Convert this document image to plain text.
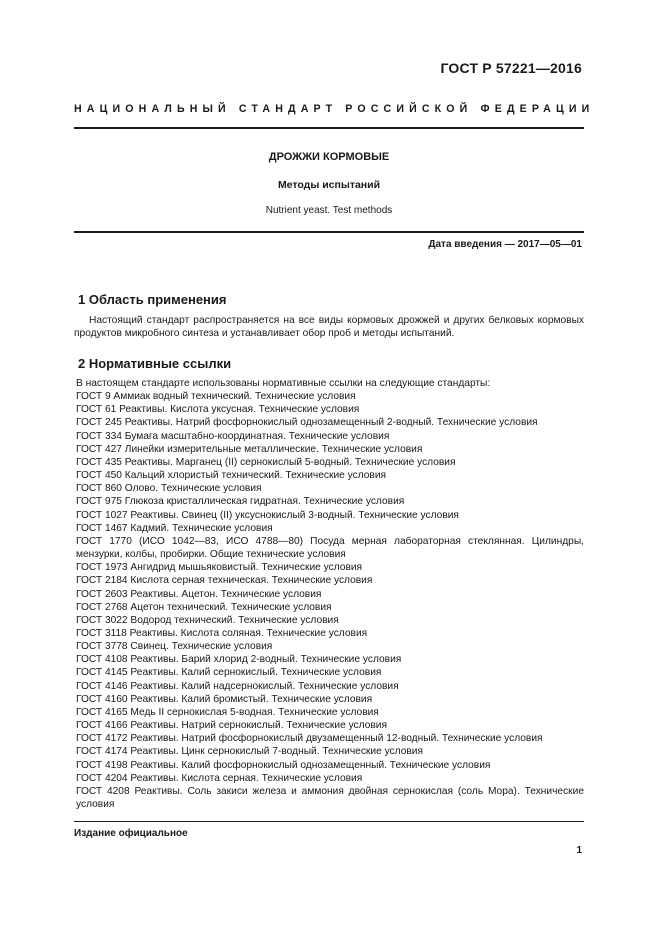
ГОСТ Р 57221—2016
НАЦИОНАЛЬНЫЙ СТАНДАРТ РОССИЙСКОЙ ФЕДЕРАЦИИ
ДРОЖЖИ КОРМОВЫЕ
Методы испытаний
Nutrient yeast. Test methods
Дата введения — 2017—05—01
1 Область применения
Настоящий стандарт распространяется на все виды кормовых дрожжей и других белковых кормовых продуктов микробного синтеза и устанавливает обор проб и методы испытаний.
2 Нормативные ссылки
В настоящем стандарте использованы нормативные ссылки на следующие стандарты:
ГОСТ 9 Аммиак водный технический. Технические условия
ГОСТ 61 Реактивы. Кислота уксусная. Технические условия
ГОСТ 245 Реактивы. Натрий фосфорнокислый однозамещенный 2-водный. Технические условия
ГОСТ 334 Бумага масштабно-координатная. Технические условия
ГОСТ 427 Линейки измерительные металлические. Технические условия
ГОСТ 435 Реактивы. Марганец (II) сернокислый 5-водный. Технические условия
ГОСТ 450 Кальций хлористый технический. Технические условия
ГОСТ 860 Олово. Технические условия
ГОСТ 975 Глюкоза кристаллическая гидратная. Технические условия
ГОСТ 1027 Реактивы. Свинец (II) уксуснокислый 3-водный. Технические условия
ГОСТ 1467 Кадмий. Технические условия
ГОСТ 1770 (ИСО 1042—83, ИСО 4788—80) Посуда мерная лабораторная стеклянная. Цилиндры, мензурки, колбы, пробирки. Общие технические условия
ГОСТ 1973 Ангидрид мышьяковистый. Технические условия
ГОСТ 2184 Кислота серная техническая. Технические условия
ГОСТ 2603 Реактивы. Ацетон. Технические условия
ГОСТ 2768 Ацетон технический. Технические условия
ГОСТ 3022 Водород технический. Технические условия
ГОСТ 3118 Реактивы. Кислота соляная. Технические условия
ГОСТ 3778 Свинец. Технические условия
ГОСТ 4108 Реактивы. Барий хлорид 2-водный. Технические условия
ГОСТ 4145 Реактивы. Калий сернокислый. Технические условия
ГОСТ 4146 Реактивы. Калий надсернокислый. Технические условия
ГОСТ 4160 Реактивы. Калий бромистый. Технические условия
ГОСТ 4165 Медь II сернокислая 5-водная. Технические условия
ГОСТ 4166 Реактивы. Натрий сернокислый. Технические условия
ГОСТ 4172 Реактивы. Натрий фосфорнокислый двузамещенный 12-водный. Технические условия
ГОСТ 4174 Реактивы. Цинк сернокислый 7-водный. Технические условия
ГОСТ 4198 Реактивы. Калий фосфорнокислый однозамещенный. Технические условия
ГОСТ 4204 Реактивы. Кислота серная. Технические условия
ГОСТ 4208 Реактивы. Соль закиси железа и аммония двойная сернокислая (соль Мора). Технические условия
Издание официальное
1
